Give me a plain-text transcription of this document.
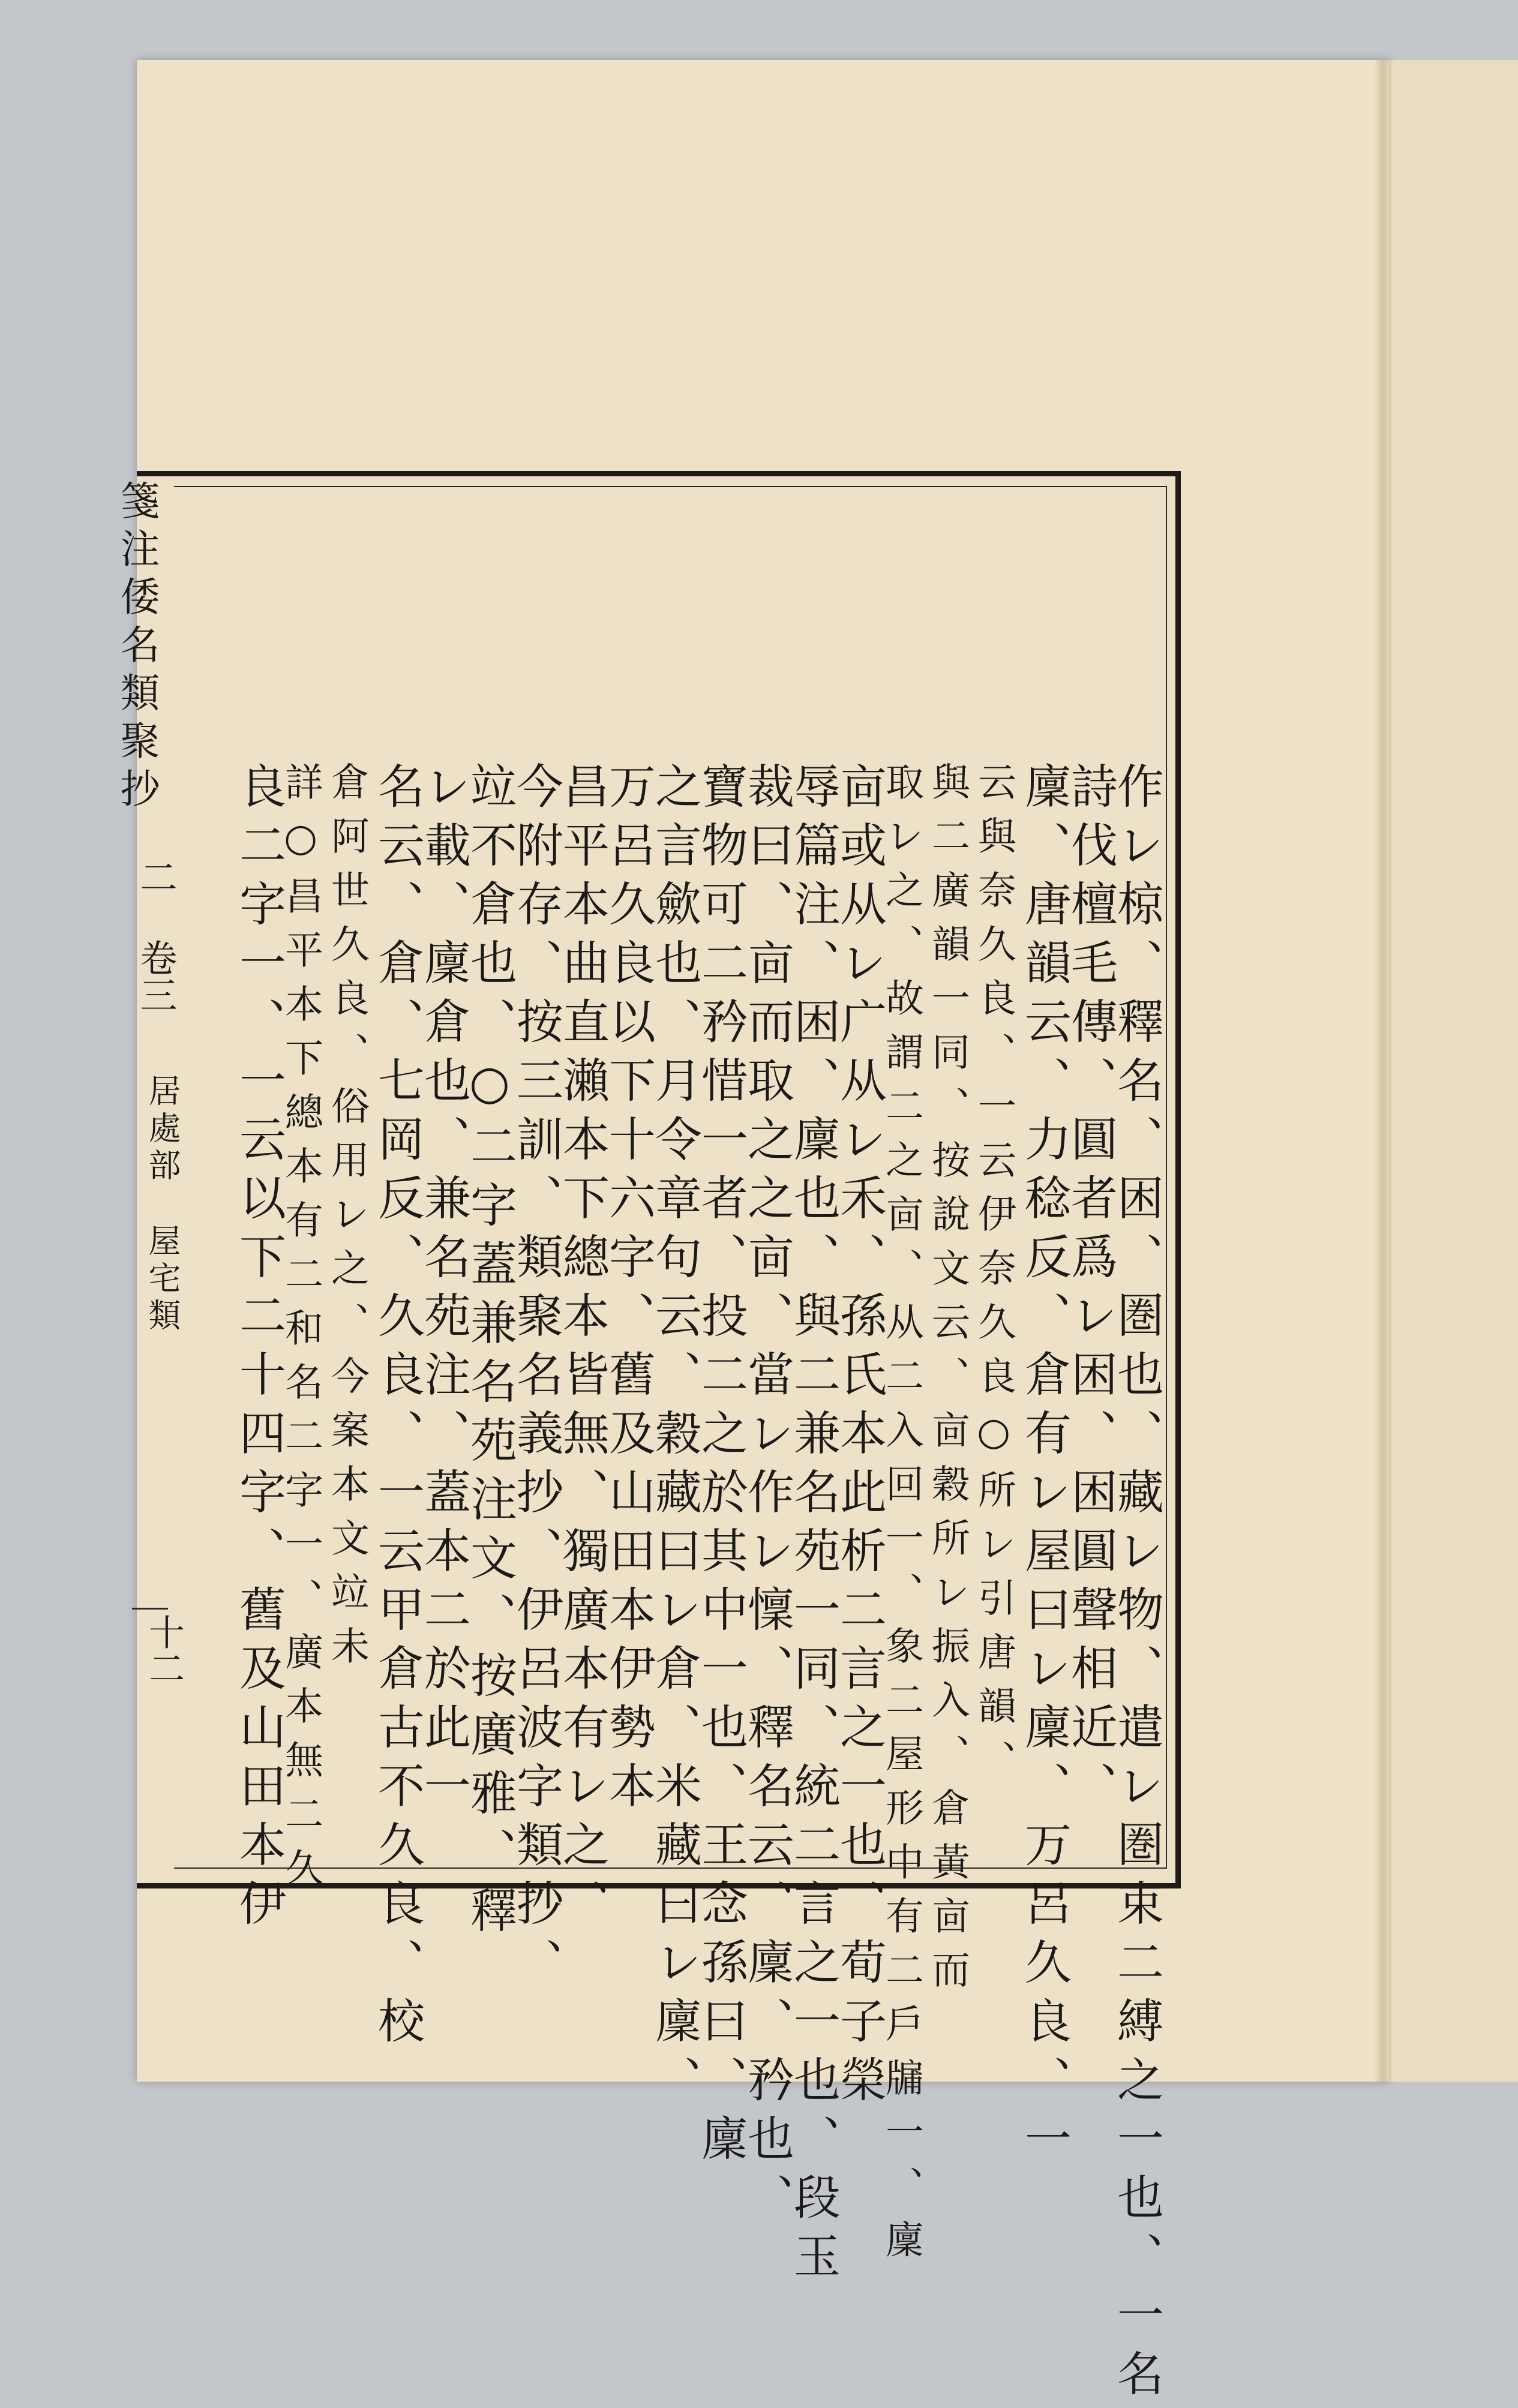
箋注倭名類聚抄
二 卷三
居處部
屋宅類
十二	作レ椋、釋名、困、圏也、藏レ物、遣レ圏束二縛之一也、一名
詩伐檀毛傳、圓者爲レ困、困圓聲相近、
廩、唐韻云、力稔反、倉有レ屋曰レ廩、万呂久良、一
云與奈久良、一云伊奈久良○所レ引唐韻、
與二廣韻一同、按說文云、㐭穀所レ振入、倉黃㐭而
取レ之、故謂二之㐭、从二入回一、象二屋形中有二戶牖一、廩
㐭或从レ广从レ禾、孫氏本此析二言之一也、荀子榮
辱篇注、困、廩也、與二兼名苑一同、統二言之一也、段玉
裁曰、㐭而取之之㐭、當レ作レ懍、釋名云、廩、矜也、
寶物可二矜惜一者、投二之於其中一也、王念孫曰、廩
之言歛也、月令章句云、穀藏曰レ倉、米藏曰レ廩、
万呂久良以下十六字、舊及山田本伊勢本
昌平本曲直瀨本下總本皆無、獨廣本有レ之、
今附存、按三訓、類聚名義抄、伊呂波字類抄、
竝不倉也、○二字蓋兼名苑注文、按廣雅、釋
レ載、廩倉也、兼名苑注、蓋本二於此一
名云、倉、七岡反、久良、一云甲倉古不久良、校
倉阿世久良、俗用レ之、今案本文竝未
詳○昌平本下總本有二和名二字一、廣本無二久
良二字一、一云以下二十四字、舊及山田本伊
